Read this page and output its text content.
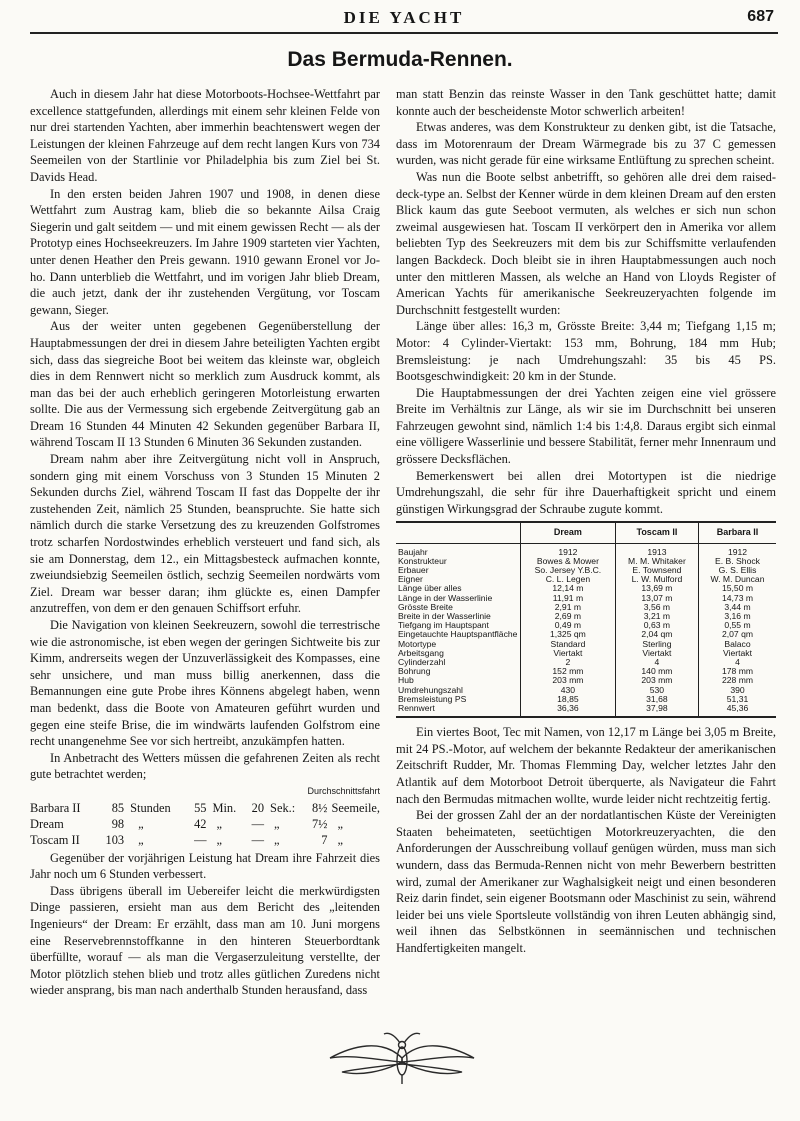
DIE YACHT	687
Das Bermuda-Rennen.

Auch in diesem Jahr hat diese Motorboots-Hochsee-Wettfahrt par excellence stattgefunden, allerdings mit einem sehr kleinen Felde von nur drei startenden Yachten, aber immerhin beachtenswert wegen der Leistungen der kleinen Fahrzeuge auf dem recht langen Kurs von 734 Seemeilen von der Startlinie vor Philadelphia bis zum Ziel bei St. Davids Head.

In den ersten beiden Jahren 1907 und 1908, in denen diese Wettfahrt zum Austrag kam, blieb die so bekannte Ailsa Craig Siegerin und galt seitdem — und mit einem gewissen Recht — als der Prototyp eines Hochseekreuzers. Im Jahre 1909 starteten vier Yachten, unter denen Heather den Preis gewann. 1910 gewann Eronel vor Jo-ho. Dann unterblieb die Wettfahrt, und im vorigen Jahr blieb Dream, die auch jetzt, dank der ihr zustehenden Vergütung, vor Toscam gewann, Sieger.

Aus der weiter unten gegebenen Gegenüberstellung der Hauptabmessungen der drei in diesem Jahre beteiligten Yachten ergibt sich, dass das siegreiche Boot bei weitem das kleinste war, obgleich dies in dem Rennwert nicht so merklich zum Ausdruck kommt, als man das bei der auch erheblich geringeren Motorleistung erwarten sollte. Die aus der Vermessung sich ergebende Zeitvergütung gab an Dream 16 Stunden 44 Minuten 42 Sekunden gegenüber Barbara II, während Toscam II 13 Stunden 6 Minuten 36 Sekunden zustanden.

Dream nahm aber ihre Zeitvergütung nicht voll in Anspruch, sondern ging mit einem Vorschuss von 3 Stunden 15 Minuten 2 Sekunden durchs Ziel, während Toscam II fast das Doppelte der ihr zustehenden Zeit, nämlich 25 Stunden, beanspruchte. Sie hatte sich nämlich durch die starke Versetzung des zu kreuzenden Golfstromes trotz scharfen Nordostwindes erheblich versteuert und fand sich, als sie am Donnerstag, dem 12., ein Mittagsbesteck aufmachen konnte, zweiundsiebzig Seemeilen östlich, sechzig Seemeilen nordwärts vom Ziel. Dream war besser daran; ihm glückte es, einen Dampfer anzutreffen, von dem er den genauen Schiffsort erfuhr.

Die Navigation von kleinen Seekreuzern, sowohl die terrestrische wie die astronomische, ist eben wegen der geringen Sichtweite bis zur Kimm, andrerseits wegen der Unzuverlässigkeit des Kompasses, eine sehr unsichere, und man muss billig anerkennen, dass die Bemannungen eine gute Probe ihres Könnens abgelegt haben, wenn man bedenkt, dass die Boote von Amateuren geführt wurden und gegen eine steife Brise, die im windwärts laufenden Golfstrom eine recht unangenehme See vor sich hertreibt, anzukämpfen hatten.

In Anbetracht des Wetters müssen die gefahrenen Zeiten als recht gute betrachtet werden;

Durchschnittsfahrt
Barbara II	85	Stunden	55	Min.	20	Sek.:	8½	Seemeile,
Dream	98	„	42	„	—	„	7½	„
Toscam II	103	„	—	„	—	„	7	„

Gegenüber der vorjährigen Leistung hat Dream ihre Fahrzeit dies Jahr noch um 6 Stunden verbessert.

Dass übrigens überall im Uebereifer leicht die merkwürdigsten Dinge passieren, ersieht man aus dem Bericht des „leitenden Ingenieurs“ der Dream: Er erzählt, dass man am 10. Juni morgens eine Reservebrennstoffkanne in den hinteren Steuerbordtank überfüllte, worauf — als man die Vergaserzuleitung verstellte, der Motor plötzlich stehen blieb und trotz alles gütlichen Zuredens nicht wieder ansprang, bis man nach anderthalb Stunden herausfand, dass

man statt Benzin das reinste Wasser in den Tank geschüttet hatte; damit konnte auch der bescheidenste Motor schwerlich arbeiten!

Etwas anderes, was dem Konstrukteur zu denken gibt, ist die Tatsache, dass im Motorenraum der Dream Wärmegrade bis zu 37 C gemessen wurden, was nicht gerade für eine wirksame Entlüftung zu sprechen scheint.

Was nun die Boote selbst anbetrifft, so gehören alle drei dem raised-deck-type an. Selbst der Kenner würde in dem kleinen Dream auf den ersten Blick kaum das gute Seeboot vermuten, als welches er sich nun schon zweimal ausgewiesen hat. Toscam II verkörpert den in Amerika vor allem beliebten Typ des Seekreuzers mit dem bis zur Schiffsmitte verlaufenden langen Backdeck. Doch bleibt sie in ihren Hauptabmessungen auch noch unter den mittleren Massen, als welche an Hand von Lloyds Register of American Yachts für amerikanische Seekreuzeryachten folgende im Durchschnitt festgestellt wurden:

Länge über alles: 16,3 m, Grösste Breite: 3,44 m; Tiefgang 1,15 m; Motor: 4 Cylinder-Viertakt: 153 mm, Bohrung, 184 mm Hub; Bremsleistung: je nach Umdrehungszahl: 35 bis 45 PS. Bootsgeschwindigkeit: 20 km in der Stunde.

Die Hauptabmessungen der drei Yachten zeigen eine viel grössere Breite im Verhältnis zur Länge, als wir sie im Durchschnitt bei unseren Fahrzeugen gewohnt sind, nämlich 1:4 bis 1:4,8. Daraus ergibt sich einmal eine völligere Wasserlinie und bessere Stabilität, ferner mehr Innenraum und grössere Decksflächen.

Bemerkenswert bei allen drei Motortypen ist die niedrige Umdrehungszahl, die sehr für ihre Dauerhaftigkeit spricht und einem günstigen Wirkungsgrad der Schraube zugute kommt.

	Dream	Toscam II	Barbara II
Baujahr	1912	1913	1912
Konstrukteur	Bowes & Mower	M. M. Whitaker	E. B. Shock
Erbauer	So. Jersey Y.B.C.	E. Townsend	G. S. Ellis
Eigner	C. L. Legen	L. W. Mulford	W. M. Duncan
Länge über alles	12,14 m	13,69 m	15,50 m
Länge in der Wasserlinie	11,91 m	13,07 m	14,73 m
Grösste Breite	2,91 m	3,56 m	3,44 m
Breite in der Wasserlinie	2,69 m	3,21 m	3,16 m
Tiefgang im Hauptspant	0,49 m	0,63 m	0,55 m
Eingetauchte Hauptspantfläche	1,325 qm	2,04 qm	2,07 qm
Motortype	Standard	Sterling	Balaco
Arbeitsgang	Viertakt	Viertakt	Viertakt
Cylinderzahl	2	4	4
Bohrung	152 mm	140 mm	178 mm
Hub	203 mm	203 mm	228 mm
Umdrehungszahl	430	530	390
Bremsleistung PS	18,85	31,68	51,31
Rennwert	36,36	37,98	45,36

Ein viertes Boot, Tec mit Namen, von 12,17 m Länge bei 3,05 m Breite, mit 24 PS.-Motor, auf welchem der bekannte Redakteur der amerikanischen Zeitschrift Rudder, Mr. Thomas Flemming Day, welcher letztes Jahr den Atlantik auf dem Motorboot Detroit überquerte, als Navigateur die Fahrt nach den Bermudas mitmachen wollte, wurde leider nicht rechtzeitig fertig.

Bei der grossen Zahl der an der nordatlantischen Küste der Vereinigten Staaten beheimateten, seetüchtigen Motorkreuzeryachten, die den Anforderungen der Ausschreibung vollauf genügen würden, muss man sich wundern, dass das Bermuda-Rennen nicht von mehr Bewerbern bestritten wird, zumal der Amerikaner zur Waghalsigkeit neigt und einen besonderen Reiz darin findet, sein eigener Bootsmann oder Maschinist zu sein, während leider bei uns viele Sportsleute vollständig von ihren Leuten abhängig sind, weil ihnen das Selbstkönnen in seemännischen und technischen Handfertigkeiten mangelt.
